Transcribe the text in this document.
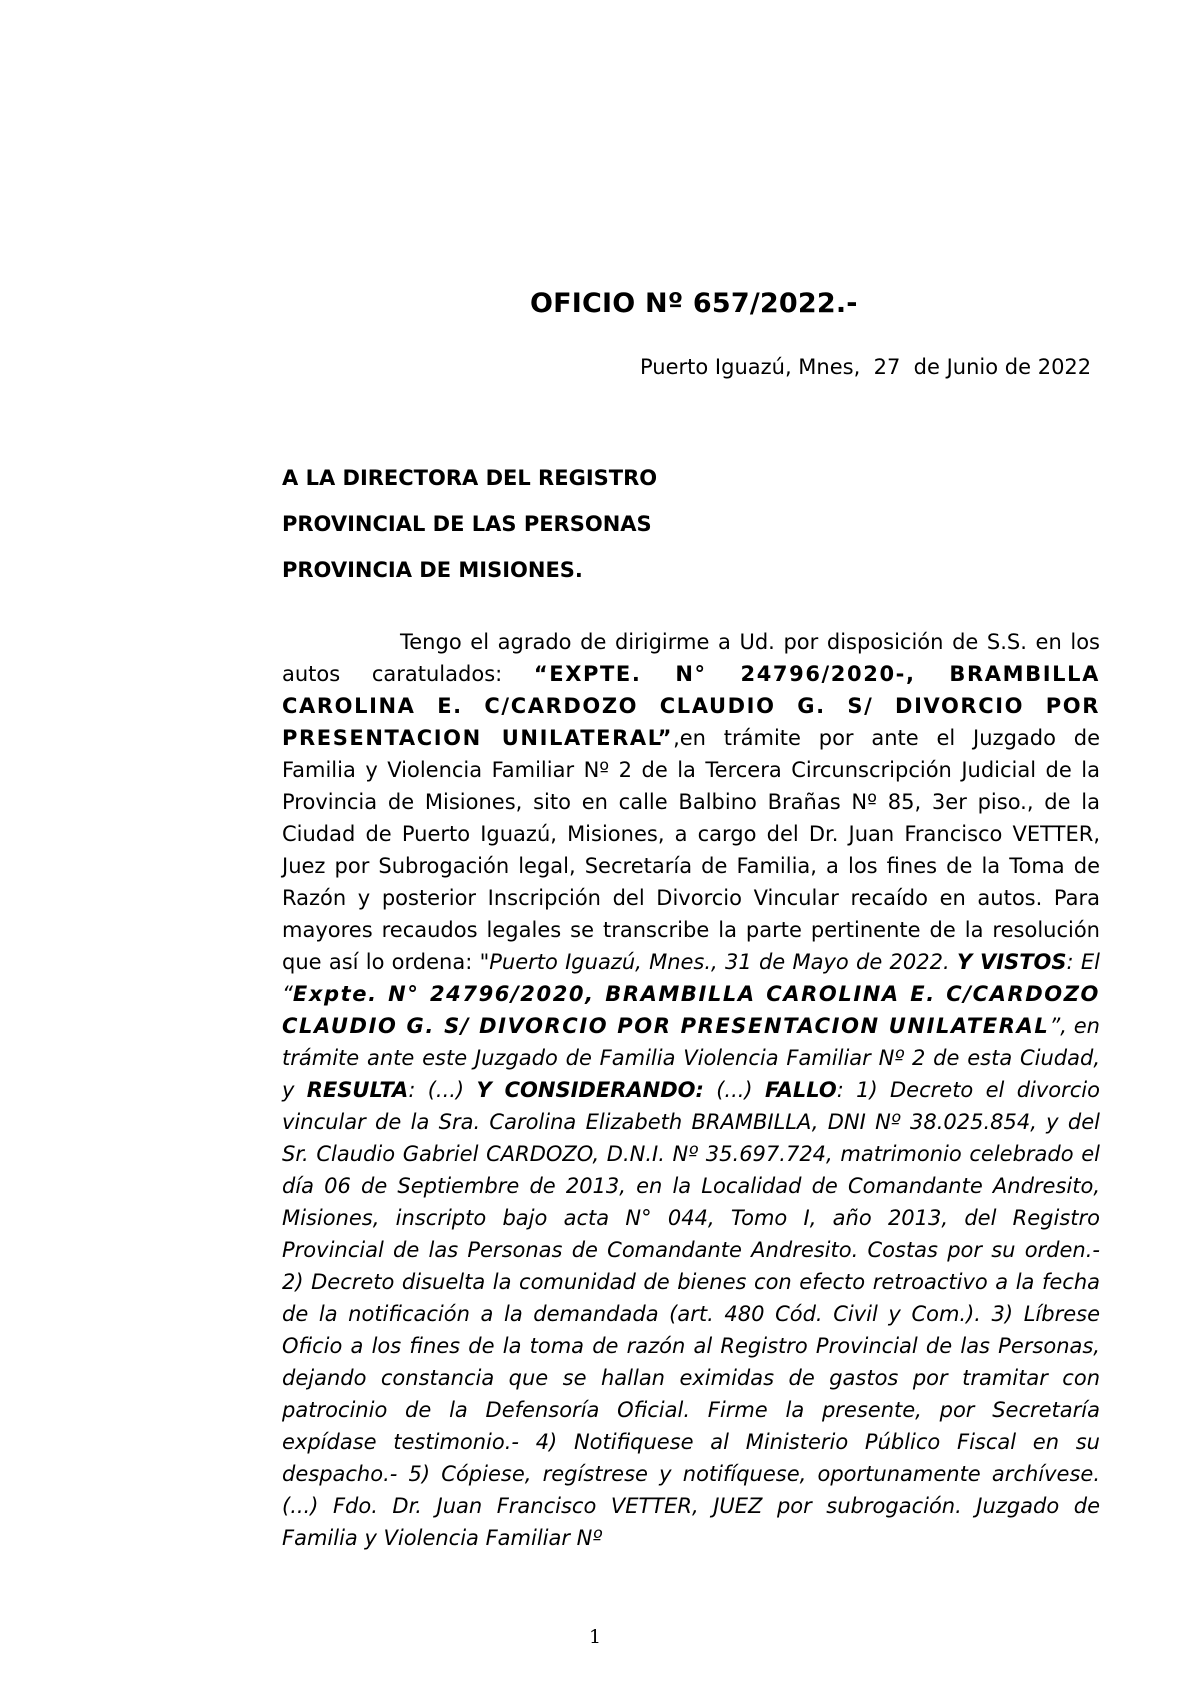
OFICIO Nº 657/2022.-
Puerto Iguazú, Mnes,  27  de Junio de 2022
A LA DIRECTORA DEL REGISTRO
PROVINCIAL DE LAS PERSONAS
PROVINCIA DE MISIONES.
Tengo el agrado de dirigirme a Ud. por disposición de S.S. en los autos caratulados: “EXPTE. N° 24796/2020-, BRAMBILLA CAROLINA E. C/CARDOZO CLAUDIO G. S/ DIVORCIO POR PRESENTACION UNILATERAL”,en trámite por ante el Juzgado de Familia y Violencia Familiar Nº 2 de la Tercera Circunscripción Judicial de la Provincia de Misiones, sito en calle Balbino Brañas Nº 85, 3er piso., de la Ciudad de Puerto Iguazú, Misiones, a cargo del Dr. Juan Francisco VETTER, Juez por Subrogación legal, Secretaría de Familia, a los fines de la Toma de Razón y posterior Inscripción del Divorcio Vincular recaído en autos. Para mayores recaudos legales se transcribe la parte pertinente de la resolución que así lo ordena: "Puerto Iguazú, Mnes., 31 de Mayo de 2022. Y VISTOS: El “Expte. N° 24796/2020, BRAMBILLA CAROLINA E. C/CARDOZO CLAUDIO G. S/ DIVORCIO POR PRESENTACION UNILATERAL”, en trámite ante este Juzgado de Familia Violencia Familiar Nº 2 de esta Ciudad, y RESULTA: (...) Y CONSIDERANDO: (...) FALLO: 1) Decreto el divorcio vincular de la Sra. Carolina Elizabeth BRAMBILLA, DNI Nº 38.025.854, y del Sr. Claudio Gabriel CARDOZO, D.N.I. Nº 35.697.724, matrimonio celebrado el día 06 de Septiembre de 2013, en la Localidad de Comandante Andresito, Misiones, inscripto bajo acta N° 044, Tomo I, año 2013, del Registro Provincial de las Personas de Comandante Andresito. Costas por su orden.- 2) Decreto disuelta la comunidad de bienes con efecto retroactivo a la fecha de la notificación a la demandada (art. 480 Cód. Civil y Com.). 3) Líbrese Oficio a los fines de la toma de razón al Registro Provincial de las Personas, dejando constancia que se hallan eximidas de gastos por tramitar con patrocinio de la Defensoría Oficial. Firme la presente, por Secretaría expídase testimonio.- 4) Notifiquese al Ministerio Público Fiscal en su despacho.- 5) Cópiese, regístrese y notifíquese, oportunamente archívese. (...) Fdo. Dr. Juan Francisco VETTER, JUEZ por subrogación. Juzgado de Familia y Violencia Familiar Nº
1
